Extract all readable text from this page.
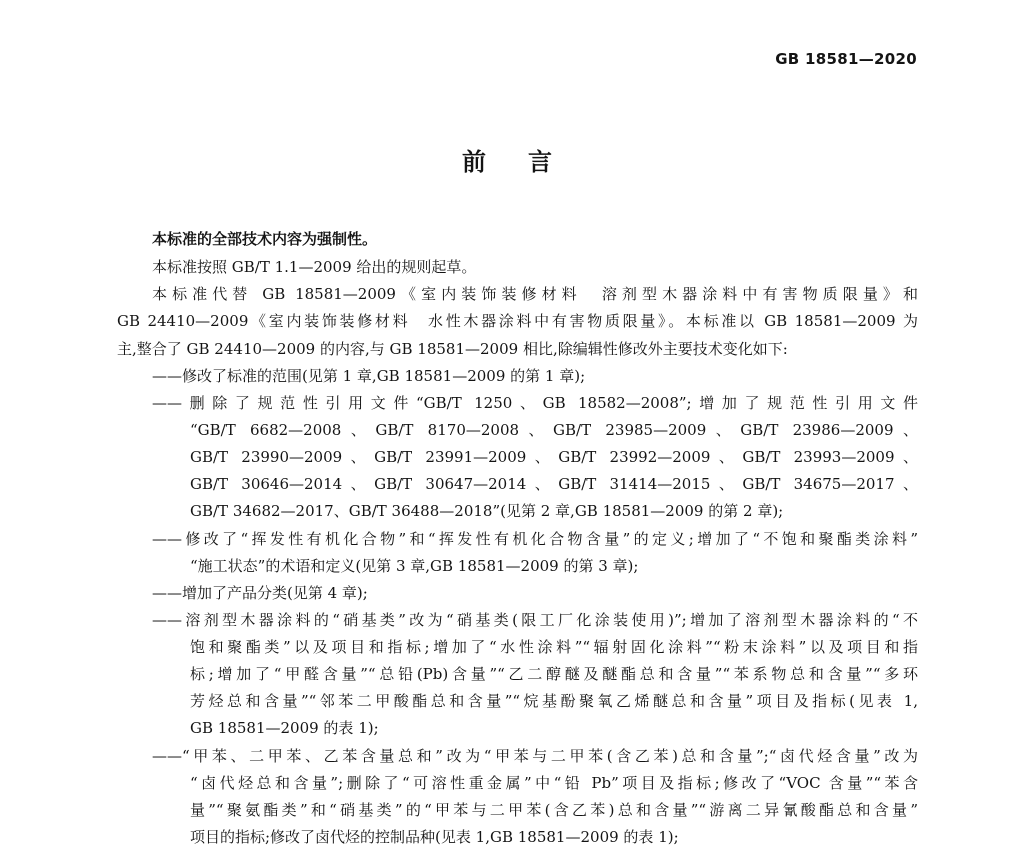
GB 18581—2020
前言
本标准的全部技术内容为强制性。
本标准按照 GB/T 1.1—2009 给出的规则起草。
本标准代替 GB 18581—2009《室内装饰装修材料　溶剂型木器涂料中有害物质限量》和
GB 24410—2009《室内装饰装修材料　水性木器涂料中有害物质限量》。本标准以 GB 18581—2009 为
主,整合了 GB 24410—2009 的内容,与 GB 18581—2009 相比,除编辑性修改外主要技术变化如下:
——修改了标准的范围(见第 1 章,GB 18581—2009 的第 1 章);
——删除了规范性引用文件“GB/T 1250、GB 18582—2008”;增加了规范性引用文件
“GB/T 6682—2008、GB/T 8170—2008、GB/T 23985—2009、GB/T 23986—2009、
GB/T 23990—2009、GB/T 23991—2009、GB/T 23992—2009、GB/T 23993—2009、
GB/T 30646—2014、GB/T 30647—2014、GB/T 31414—2015、GB/T 34675—2017、
GB/T 34682—2017、GB/T 36488—2018”(见第 2 章,GB 18581—2009 的第 2 章);
——修改了“挥发性有机化合物”和“挥发性有机化合物含量”的定义;增加了“不饱和聚酯类涂料”
“施工状态”的术语和定义(见第 3 章,GB 18581—2009 的第 3 章);
——增加了产品分类(见第 4 章);
——溶剂型木器涂料的“硝基类”改为“硝基类(限工厂化涂装使用)”;增加了溶剂型木器涂料的“不
饱和聚酯类”以及项目和指标;增加了“水性涂料”“辐射固化涂料”“粉末涂料”以及项目和指
标;增加了“甲醛含量”“总铅(Pb)含量”“乙二醇醚及醚酯总和含量”“苯系物总和含量”“多环
芳烃总和含量”“邻苯二甲酸酯总和含量”“烷基酚聚氧乙烯醚总和含量”项目及指标(见表 1,
GB 18581—2009 的表 1);
——“甲苯、二甲苯、乙苯含量总和”改为“甲苯与二甲苯(含乙苯)总和含量”;“卤代烃含量”改为
“卤代烃总和含量”;删除了“可溶性重金属”中“铅 Pb”项目及指标;修改了“VOC 含量”“苯含
量”“聚氨酯类”和“硝基类”的“甲苯与二甲苯(含乙苯)总和含量”“游离二异氰酸酯总和含量”
项目的指标;修改了卤代烃的控制品种(见表 1,GB 18581—2009 的表 1);
